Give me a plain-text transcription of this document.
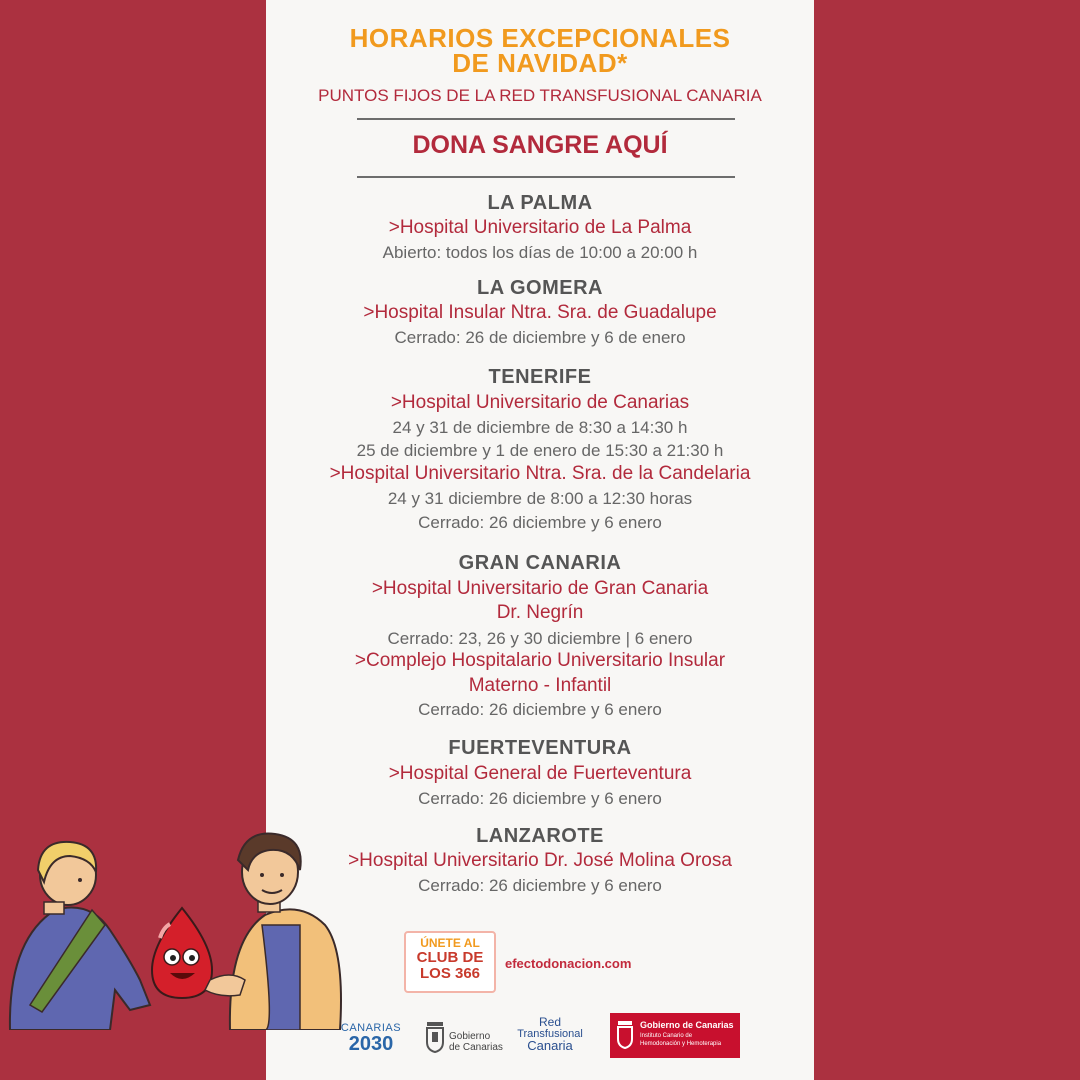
HORARIOS EXCEPCIONALES
DE NAVIDAD*
PUNTOS FIJOS DE LA RED TRANSFUSIONAL CANARIA
DONA SANGRE AQUÍ
LA PALMA
>Hospital Universitario de La Palma
Abierto: todos los días de 10:00 a 20:00 h
LA GOMERA
>Hospital Insular Ntra. Sra. de Guadalupe
Cerrado: 26 de diciembre y 6 de enero
TENERIFE
>Hospital Universitario de Canarias
24 y 31 de diciembre de 8:30 a 14:30 h
25 de diciembre y 1 de enero de 15:30 a 21:30 h
>Hospital Universitario Ntra. Sra. de la Candelaria
24 y 31 diciembre de 8:00 a 12:30 horas
Cerrado: 26 diciembre y 6 enero
GRAN CANARIA
>Hospital Universitario de Gran Canaria
Dr. Negrín
Cerrado: 23, 26 y 30 diciembre | 6 enero
>Complejo Hospitalario Universitario Insular
Materno - Infantil
Cerrado: 26 diciembre y 6 enero
FUERTEVENTURA
>Hospital General de Fuerteventura
Cerrado: 26 diciembre y 6 enero
LANZAROTE
>Hospital Universitario Dr. José Molina Orosa
Cerrado: 26 diciembre y 6 enero
ÚNETE AL
CLUB DE
LOS 366
efectodonacion.com
CANARIAS
2030	Gobierno
de Canarias
Red
Transfusional
Canaria
Gobierno de Canarias
Instituto Canario de
Hemodonación y Hemoterapia
